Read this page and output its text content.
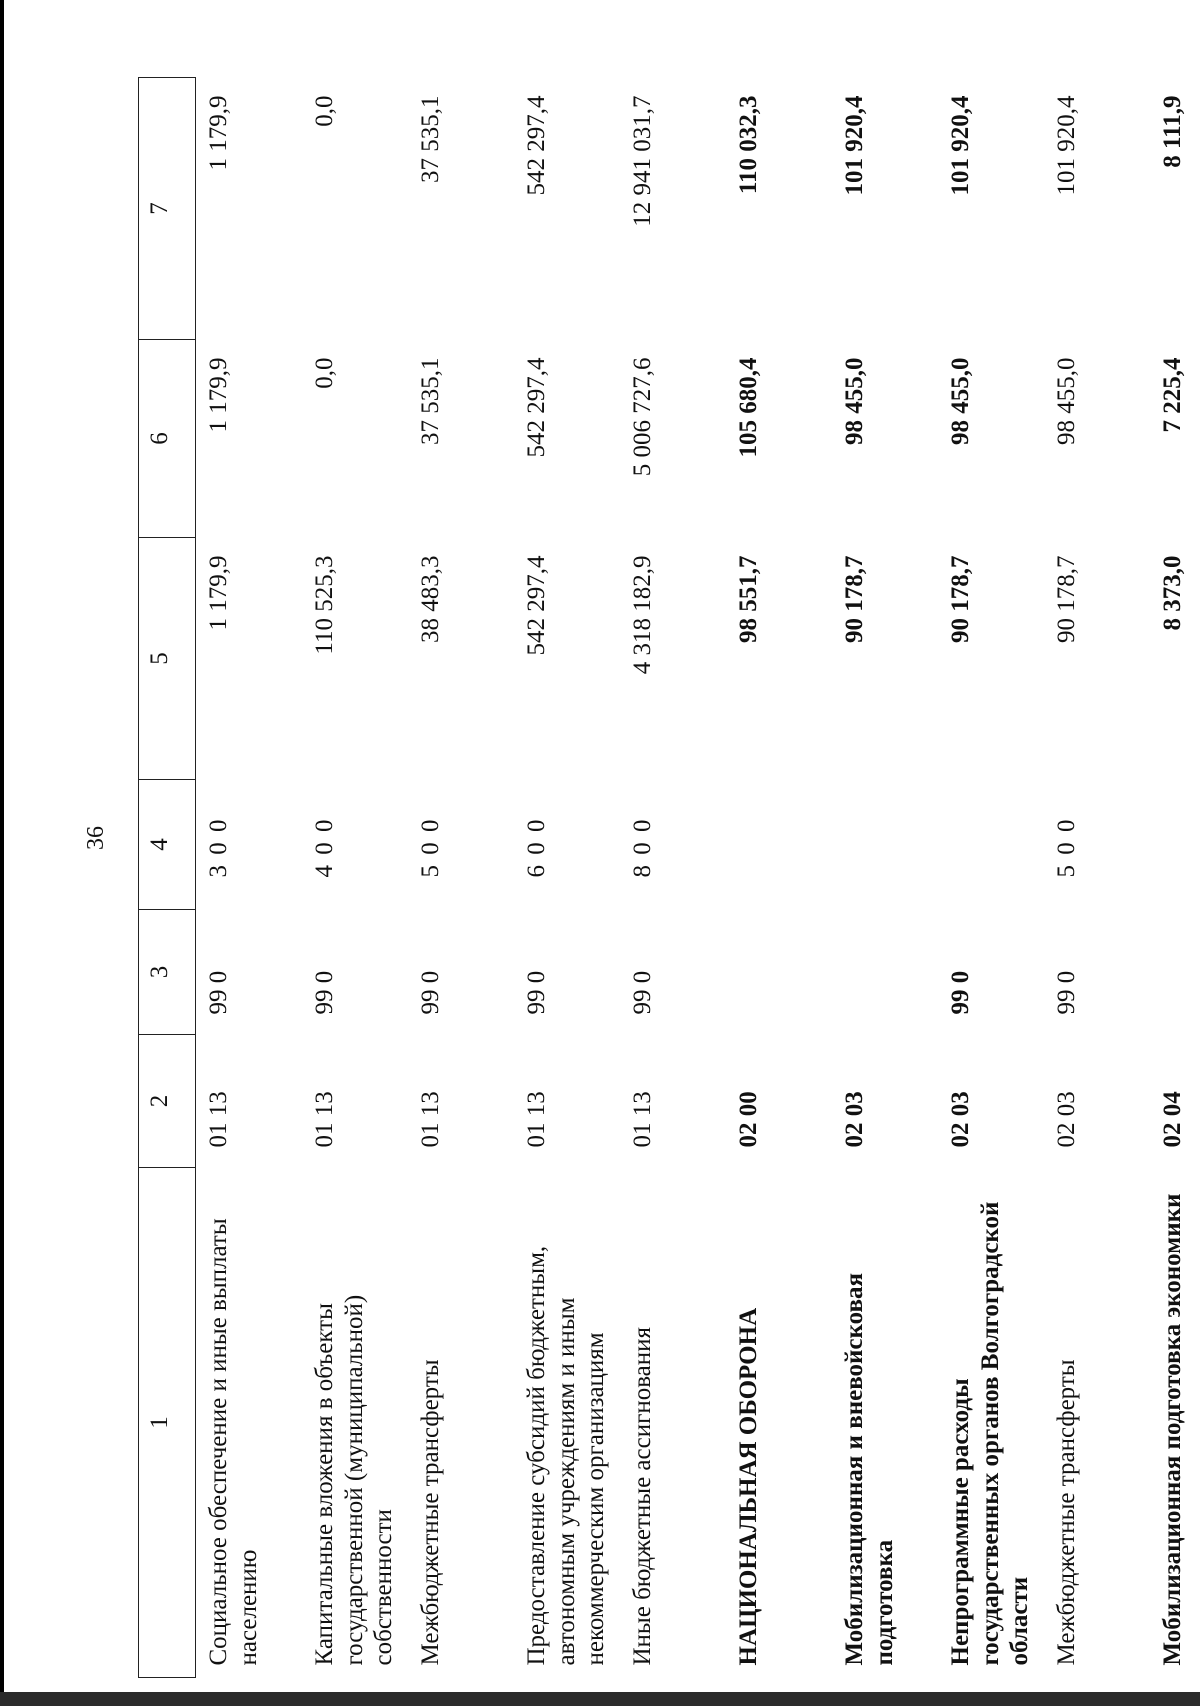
36
1	2	3	4	5	6	7
Социальное обеспечение и иные выплаты населению	01 13	99 0	3 0 0	1 179,9	1 179,9	1 179,9
Капитальные вложения в объекты государственной (муниципальной) собственности	01 13	99 0	4 0 0	110 525,3	0,0	0,0
Межбюджетные трансферты	01 13	99 0	5 0 0	38 483,3	37 535,1	37 535,1
Предоставление субсидий бюджетным, автономным учреждениям и иным некоммерческим организациям	01 13	99 0	6 0 0	542 297,4	542 297,4	542 297,4
Иные бюджетные ассигнования	01 13	99 0	8 0 0	4 318 182,9	5 006 727,6	12 941 031,7
НАЦИОНАЛЬНАЯ ОБОРОНА	02 00			98 551,7	105 680,4	110 032,3
Мобилизационная и вневойсковая подготовка	02 03			90 178,7	98 455,0	101 920,4
Непрограммные расходы государственных органов Волгоградской области	02 03	99 0		90 178,7	98 455,0	101 920,4
Межбюджетные трансферты	02 03	99 0	5 0 0	90 178,7	98 455,0	101 920,4
Мобилизационная подготовка экономики	02 04			8 373,0	7 225,4	8 111,9
